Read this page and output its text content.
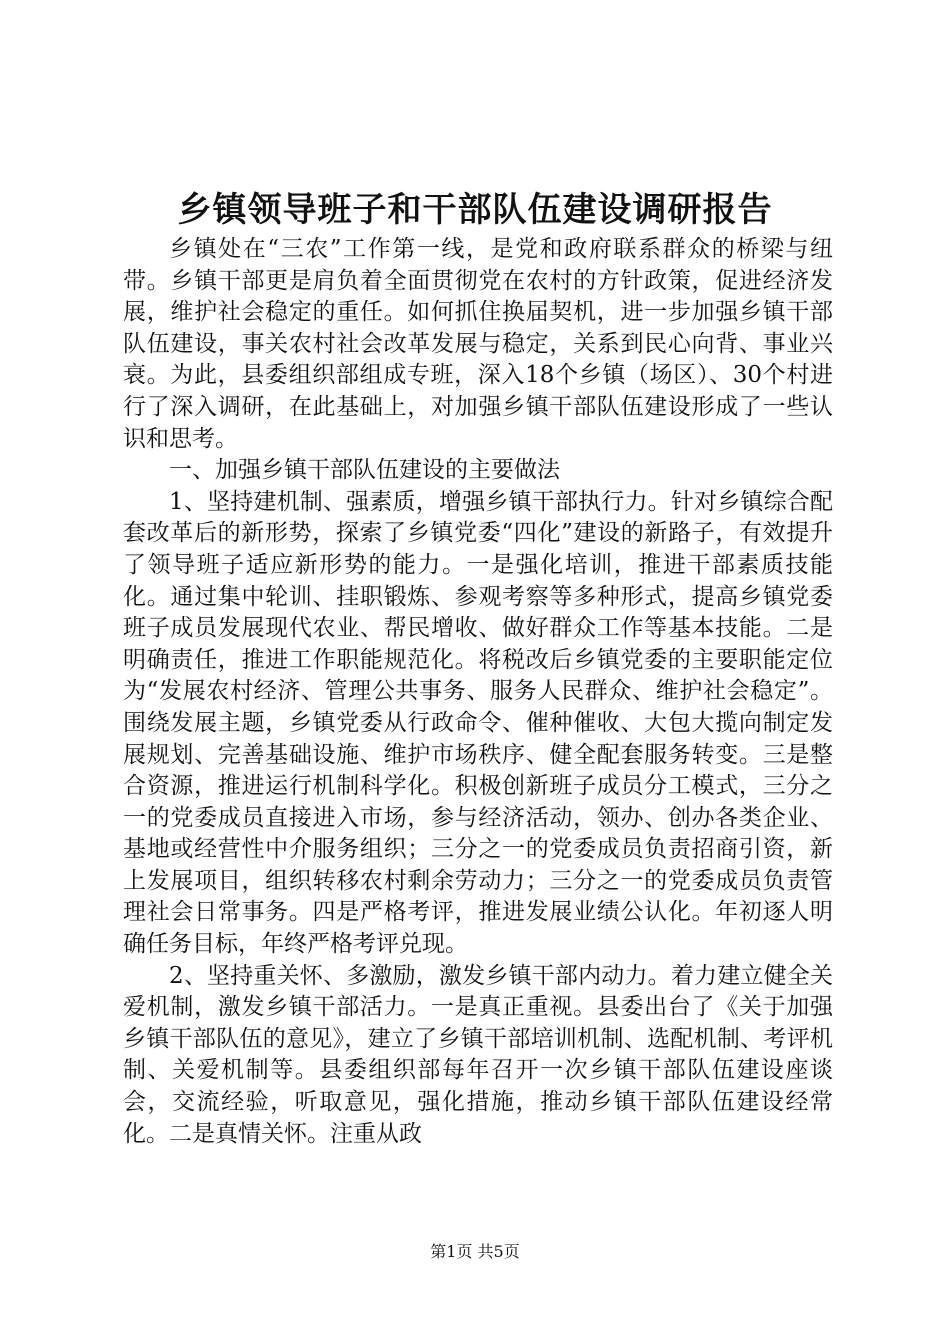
乡镇领导班子和干部队伍建设调研报告

乡镇处在“三农”工作第一线，是党和政府联系群众的桥梁与纽带。乡镇干部更是肩负着全面贯彻党在农村的方针政策，促进经济发展，维护社会稳定的重任。如何抓住换届契机，进一步加强乡镇干部队伍建设，事关农村社会改革发展与稳定，关系到民心向背、事业兴衰。为此，县委组织部组成专班，深入18个乡镇（场区）、30个村进行了深入调研，在此基础上，对加强乡镇干部队伍建设形成了一些认识和思考。

一、加强乡镇干部队伍建设的主要做法

1、坚持建机制、强素质，增强乡镇干部执行力。针对乡镇综合配套改革后的新形势，探索了乡镇党委“四化”建设的新路子，有效提升了领导班子适应新形势的能力。一是强化培训，推进干部素质技能化。通过集中轮训、挂职锻炼、参观考察等多种形式，提高乡镇党委班子成员发展现代农业、帮民增收、做好群众工作等基本技能。二是明确责任，推进工作职能规范化。将税改后乡镇党委的主要职能定位为“发展农村经济、管理公共事务、服务人民群众、维护社会稳定”。围绕发展主题，乡镇党委从行政命令、催种催收、大包大揽向制定发展规划、完善基础设施、维护市场秩序、健全配套服务转变。三是整合资源，推进运行机制科学化。积极创新班子成员分工模式，三分之一的党委成员直接进入市场，参与经济活动，领办、创办各类企业、基地或经营性中介服务组织；三分之一的党委成员负责招商引资，新上发展项目，组织转移农村剩余劳动力；三分之一的党委成员负责管理社会日常事务。四是严格考评，推进发展业绩公认化。年初逐人明确任务目标，年终严格考评兑现。

2、坚持重关怀、多激励，激发乡镇干部内动力。着力建立健全关爱机制，激发乡镇干部活力。一是真正重视。县委出台了《关于加强乡镇干部队伍的意见》，建立了乡镇干部培训机制、选配机制、考评机制、关爱机制等。县委组织部每年召开一次乡镇干部队伍建设座谈会，交流经验，听取意见，强化措施，推动乡镇干部队伍建设经常化。二是真情关怀。注重从政

第1页 共5页
